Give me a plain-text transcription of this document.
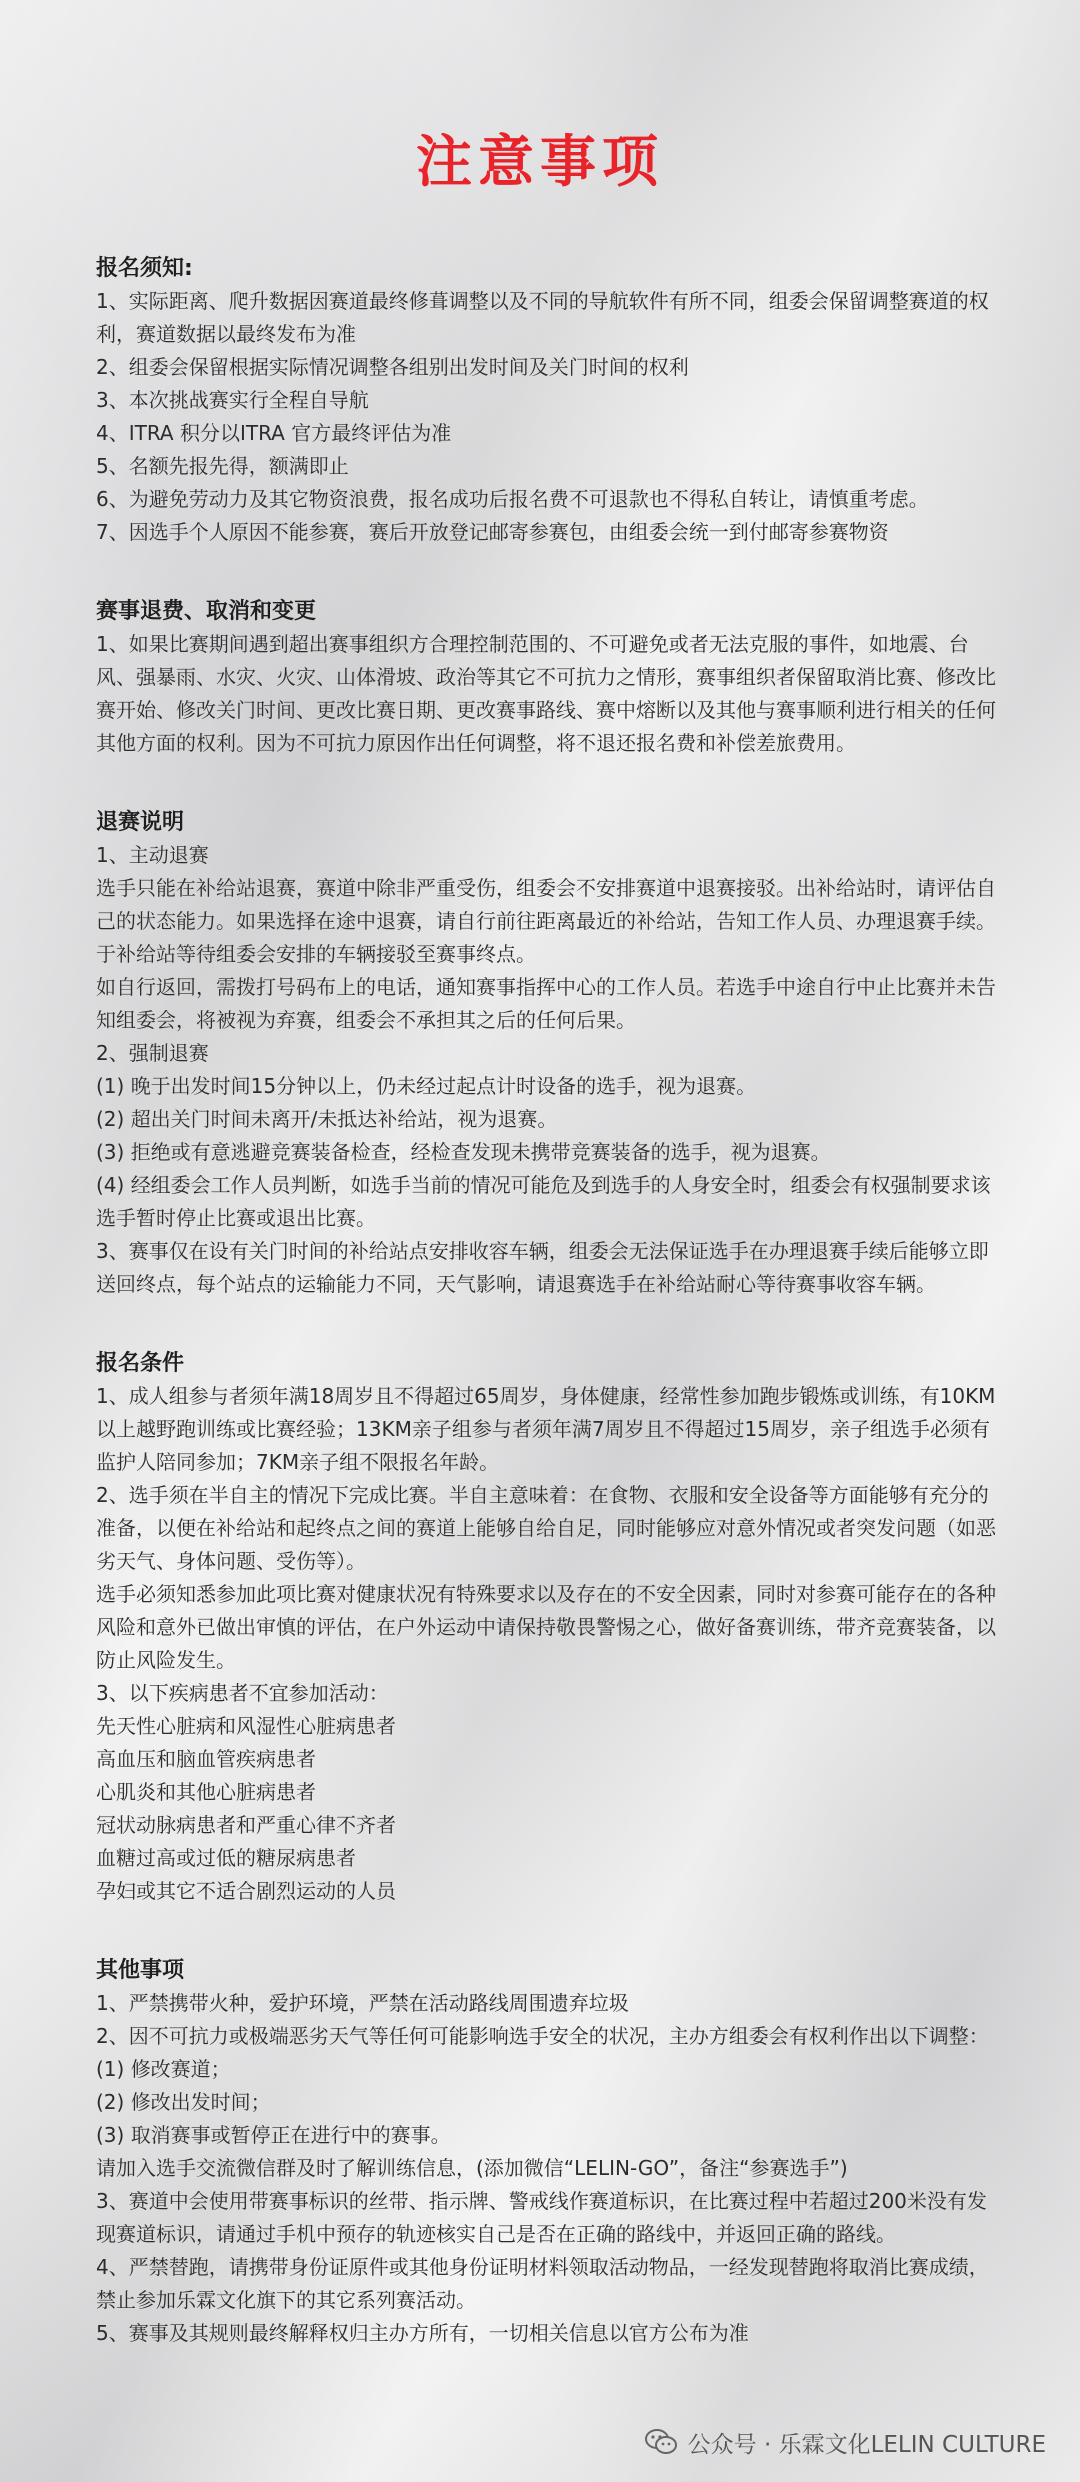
注意事项

报名须知:

1、实际距离、爬升数据因赛道最终修葺调整以及不同的导航软件有所不同，组委会保留调整赛道的权利，赛道数据以最终发布为准

2、组委会保留根据实际情况调整各组别出发时间及关门时间的权利

3、本次挑战赛实行全程自导航

4、ITRA 积分以ITRA 官方最终评估为准

5、名额先报先得，额满即止

6、为避免劳动力及其它物资浪费，报名成功后报名费不可退款也不得私自转让，请慎重考虑。

7、因选手个人原因不能参赛，赛后开放登记邮寄参赛包，由组委会统一到付邮寄参赛物资

赛事退费、取消和变更

1、如果比赛期间遇到超出赛事组织方合理控制范围的、不可避免或者无法克服的事件，如地震、台风、强暴雨、水灾、火灾、山体滑坡、政治等其它不可抗力之情形，赛事组织者保留取消比赛、修改比赛开始、修改关门时间、更改比赛日期、更改赛事路线、赛中熔断以及其他与赛事顺利进行相关的任何其他方面的权利。因为不可抗力原因作出任何调整，将不退还报名费和补偿差旅费用。

退赛说明

1、主动退赛

选手只能在补给站退赛，赛道中除非严重受伤，组委会不安排赛道中退赛接驳。出补给站时，请评估自己的状态能力。如果选择在途中退赛，请自行前往距离最近的补给站，告知工作人员、办理退赛手续。于补给站等待组委会安排的车辆接驳至赛事终点。

如自行返回，需拨打号码布上的电话，通知赛事指挥中心的工作人员。若选手中途自行中止比赛并未告知组委会，将被视为弃赛，组委会不承担其之后的任何后果。

2、强制退赛

(1) 晚于出发时间15分钟以上，仍未经过起点计时设备的选手，视为退赛。

(2) 超出关门时间未离开/未抵达补给站，视为退赛。

(3) 拒绝或有意逃避竞赛装备检查，经检查发现未携带竞赛装备的选手，视为退赛。

(4) 经组委会工作人员判断，如选手当前的情况可能危及到选手的人身安全时，组委会有权强制要求该选手暂时停止比赛或退出比赛。

3、赛事仅在设有关门时间的补给站点安排收容车辆，组委会无法保证选手在办理退赛手续后能够立即送回终点，每个站点的运输能力不同，天气影响，请退赛选手在补给站耐心等待赛事收容车辆。

报名条件

1、成人组参与者须年满18周岁且不得超过65周岁，身体健康，经常性参加跑步锻炼或训练，有10KM以上越野跑训练或比赛经验；13KM亲子组参与者须年满7周岁且不得超过15周岁，亲子组选手必须有监护人陪同参加；7KM亲子组不限报名年龄。

2、选手须在半自主的情况下完成比赛。半自主意味着：在食物、衣服和安全设备等方面能够有充分的准备，以便在补给站和起终点之间的赛道上能够自给自足，同时能够应对意外情况或者突发问题（如恶劣天气、身体问题、受伤等）。

选手必须知悉参加此项比赛对健康状况有特殊要求以及存在的不安全因素，同时对参赛可能存在的各种风险和意外已做出审慎的评估，在户外运动中请保持敬畏警惕之心，做好备赛训练，带齐竞赛装备，以防止风险发生。

3、以下疾病患者不宜参加活动：

先天性心脏病和风湿性心脏病患者

高血压和脑血管疾病患者

心肌炎和其他心脏病患者

冠状动脉病患者和严重心律不齐者

血糖过高或过低的糖尿病患者

孕妇或其它不适合剧烈运动的人员

其他事项

1、严禁携带火种，爱护环境，严禁在活动路线周围遗弃垃圾

2、因不可抗力或极端恶劣天气等任何可能影响选手安全的状况，主办方组委会有权利作出以下调整：

(1) 修改赛道；

(2) 修改出发时间；

(3) 取消赛事或暂停正在进行中的赛事。

请加入选手交流微信群及时了解训练信息，(添加微信“LELIN-GO”，备注“参赛选手”)

3、赛道中会使用带赛事标识的丝带、指示牌、警戒线作赛道标识，在比赛过程中若超过200米没有发现赛道标识，请通过手机中预存的轨迹核实自己是否在正确的路线中，并返回正确的路线。

4、严禁替跑，请携带身份证原件或其他身份证明材料领取活动物品，一经发现替跑将取消比赛成绩，禁止参加乐霖文化旗下的其它系列赛活动。

5、赛事及其规则最终解释权归主办方所有，一切相关信息以官方公布为准

公众号 · 乐霖文化LELIN CULTURE
